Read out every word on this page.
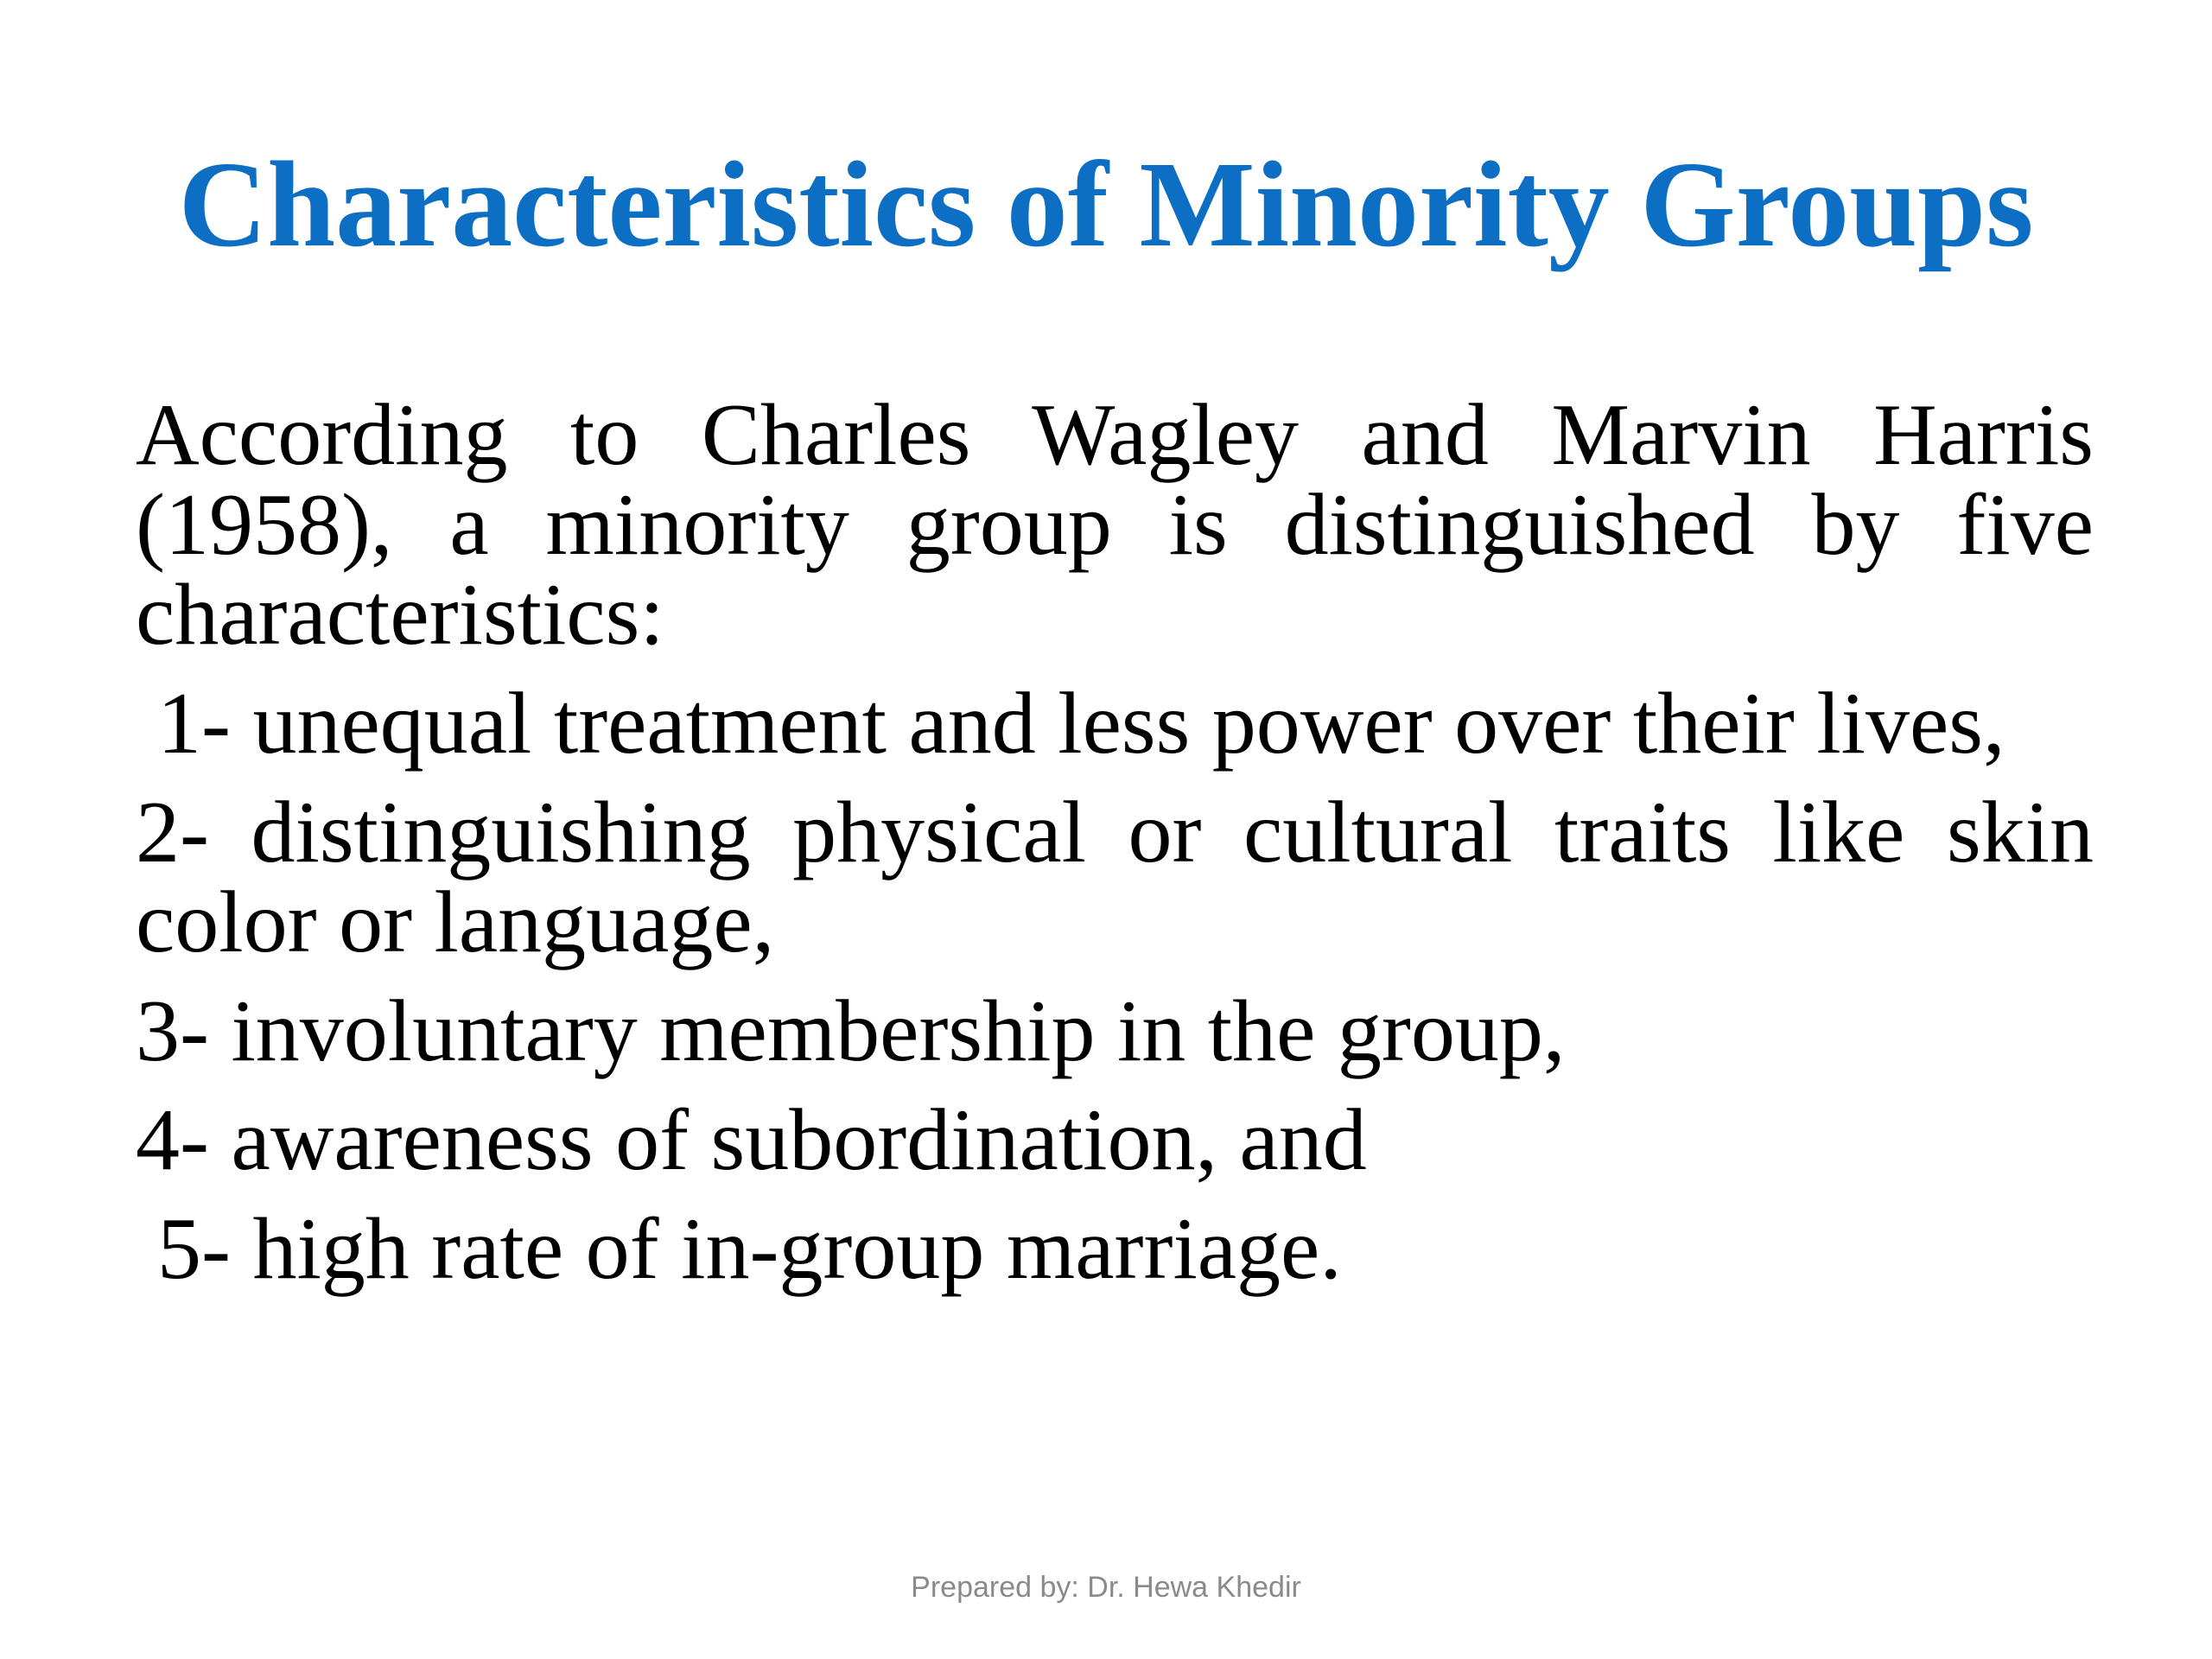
Characteristics of Minority Groups

According to Charles Wagley and Marvin Harris (1958), a minority group is distinguished by five characteristics:

1- unequal treatment and less power over their lives,

2- distinguishing physical or cultural traits like skin color or language,

3- involuntary membership in the group,

4- awareness of subordination, and

5- high rate of in-group marriage.

Prepared by: Dr. Hewa Khedir
